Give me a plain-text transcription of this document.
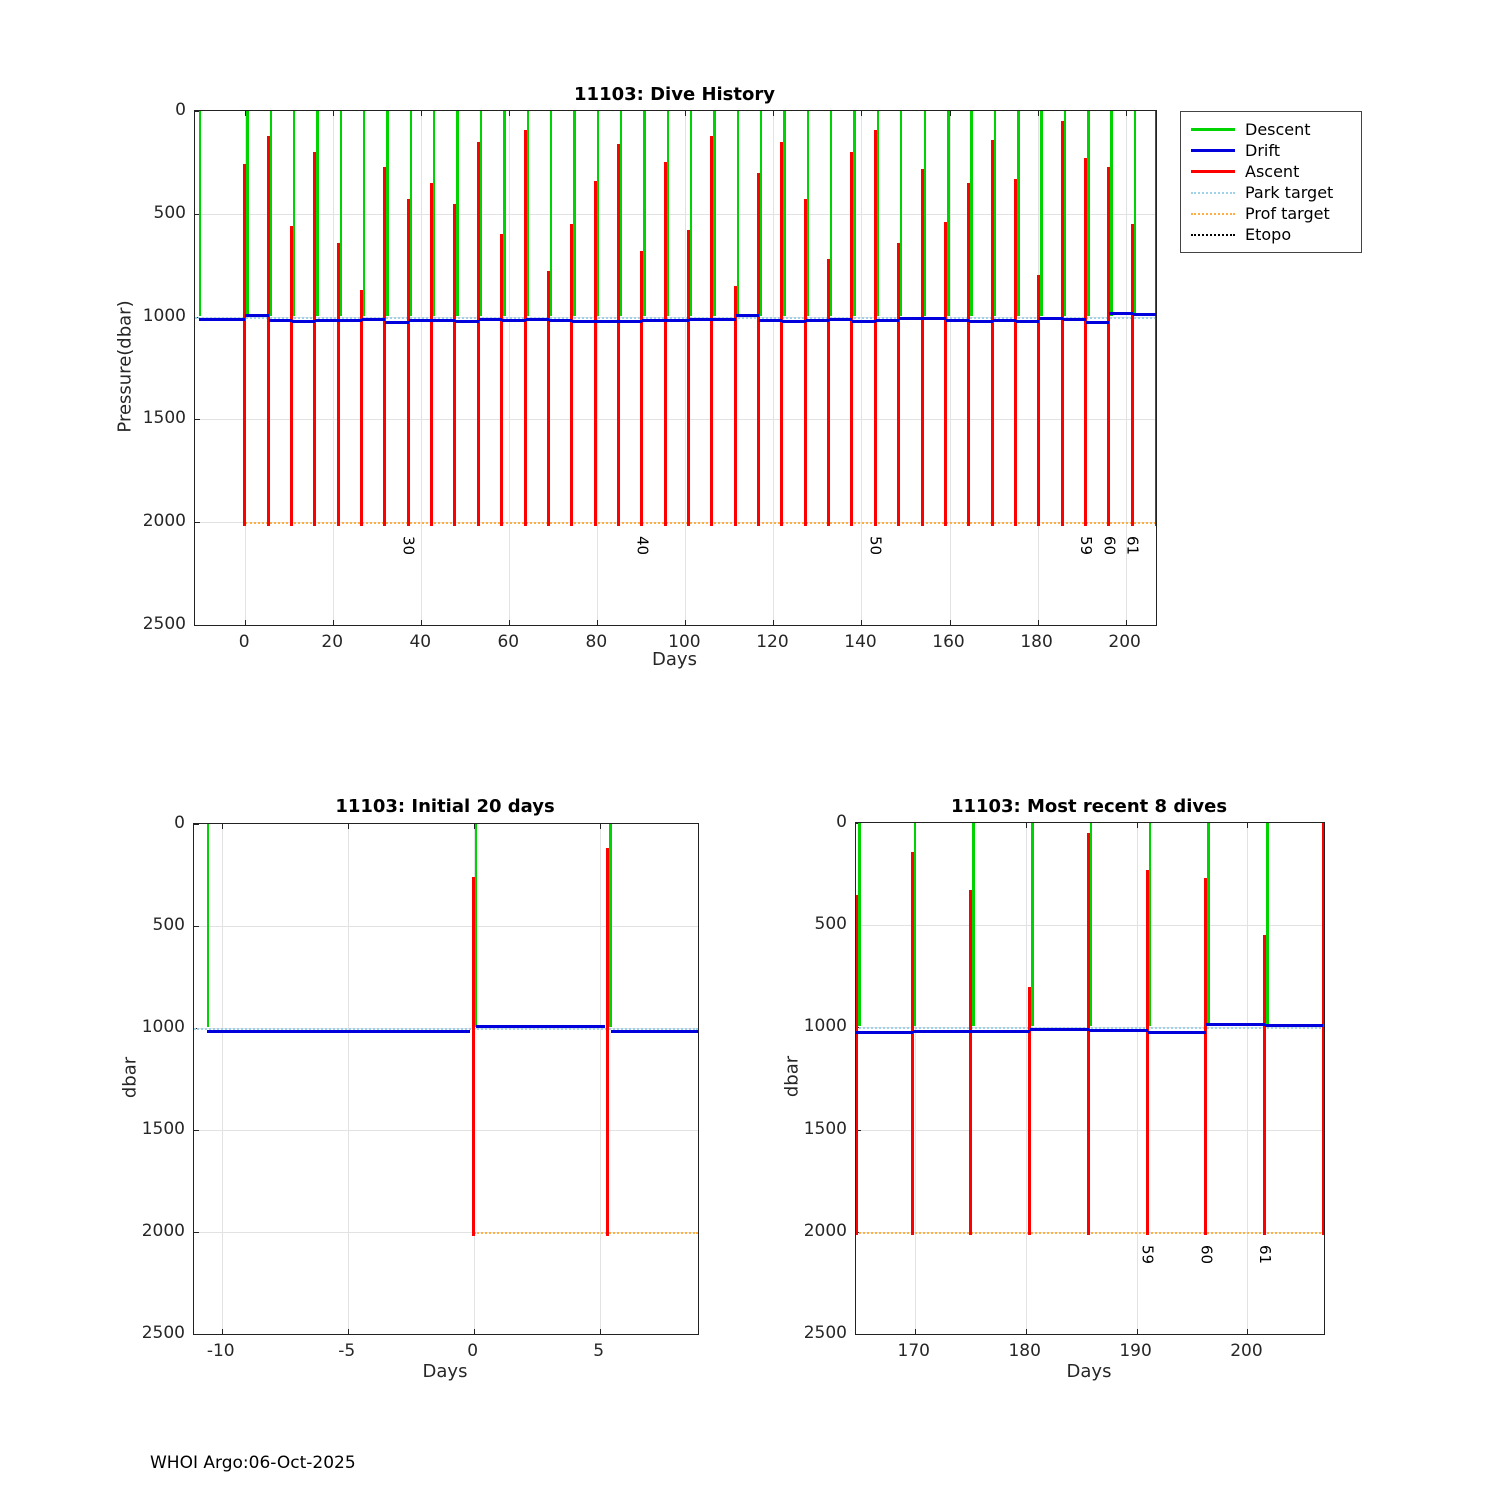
11103: Dive History
Pressure(dbar)
30	40	50	59 60 61
Days
Descent
Drift
Ascent
Park target
Prof target
Etopo
11103: Initial 20 days
dbar
Days
11103: Most recent 8 dives
dbar
59	60	61
Days
WHOI Argo:06-Oct-2025
0	20	40	60	80	100	120	140	160	180	200
0
500
1000
1500
2000
2500
-10	-5	0	5
0
500
1000
1500
2000
2500
170	180	190	200
0
500
1000
1500
2000
2500
